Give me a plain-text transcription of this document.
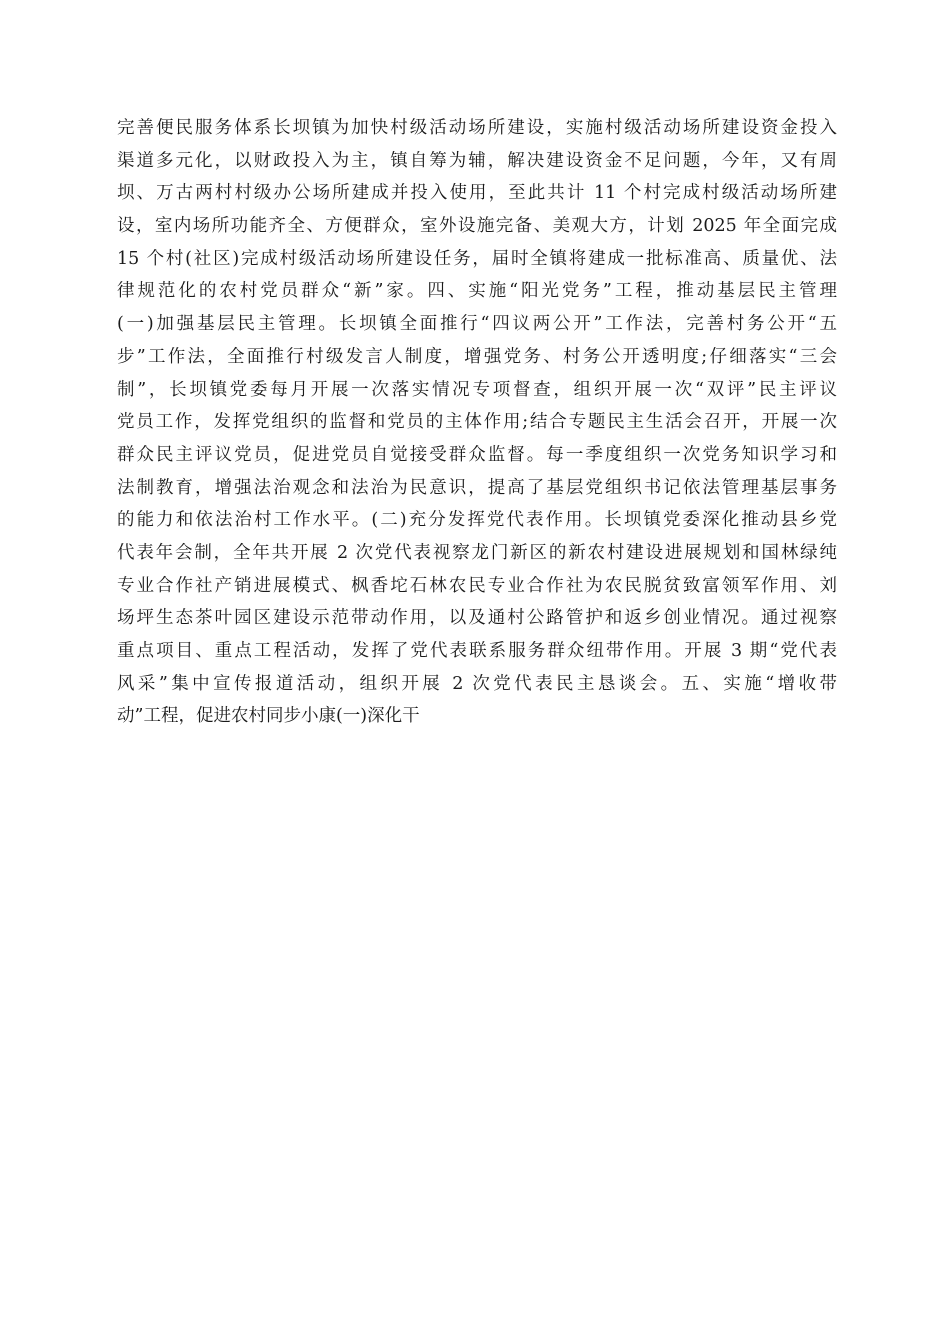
完善便民服务体系长坝镇为加快村级活动场所建设，实施村级活动场所建设资金投入
渠道多元化，以财政投入为主，镇自筹为辅，解决建设资金不足问题，今年，又有周
坝、万古两村村级办公场所建成并投入使用，至此共计 11 个村完成村级活动场所建
设，室内场所功能齐全、方便群众，室外设施完备、美观大方，计划 2025 年全面完成
15 个村(社区)完成村级活动场所建设任务，届时全镇将建成一批标准高、质量优、法
律规范化的农村党员群众“新”家。四、实施“阳光党务”工程，推动基层民主管理
(一)加强基层民主管理。长坝镇全面推行“四议两公开”工作法，完善村务公开“五
步”工作法，全面推行村级发言人制度，增强党务、村务公开透明度;仔细落实“三会
制”，长坝镇党委每月开展一次落实情况专项督查，组织开展一次“双评”民主评议
党员工作，发挥党组织的监督和党员的主体作用;结合专题民主生活会召开，开展一次
群众民主评议党员，促进党员自觉接受群众监督。每一季度组织一次党务知识学习和
法制教育，增强法治观念和法治为民意识，提高了基层党组织书记依法管理基层事务
的能力和依法治村工作水平。(二)充分发挥党代表作用。长坝镇党委深化推动县乡党
代表年会制，全年共开展 2 次党代表视察龙门新区的新农村建设进展规划和国林绿纯
专业合作社产销进展模式、枫香坨石林农民专业合作社为农民脱贫致富领军作用、刘
场坪生态茶叶园区建设示范带动作用，以及通村公路管护和返乡创业情况。通过视察
重点项目、重点工程活动，发挥了党代表联系服务群众纽带作用。开展 3 期“党代表
风采”集中宣传报道活动，组织开展 2 次党代表民主恳谈会。五、实施“增收带
动”工程，促进农村同步小康(一)深化干
